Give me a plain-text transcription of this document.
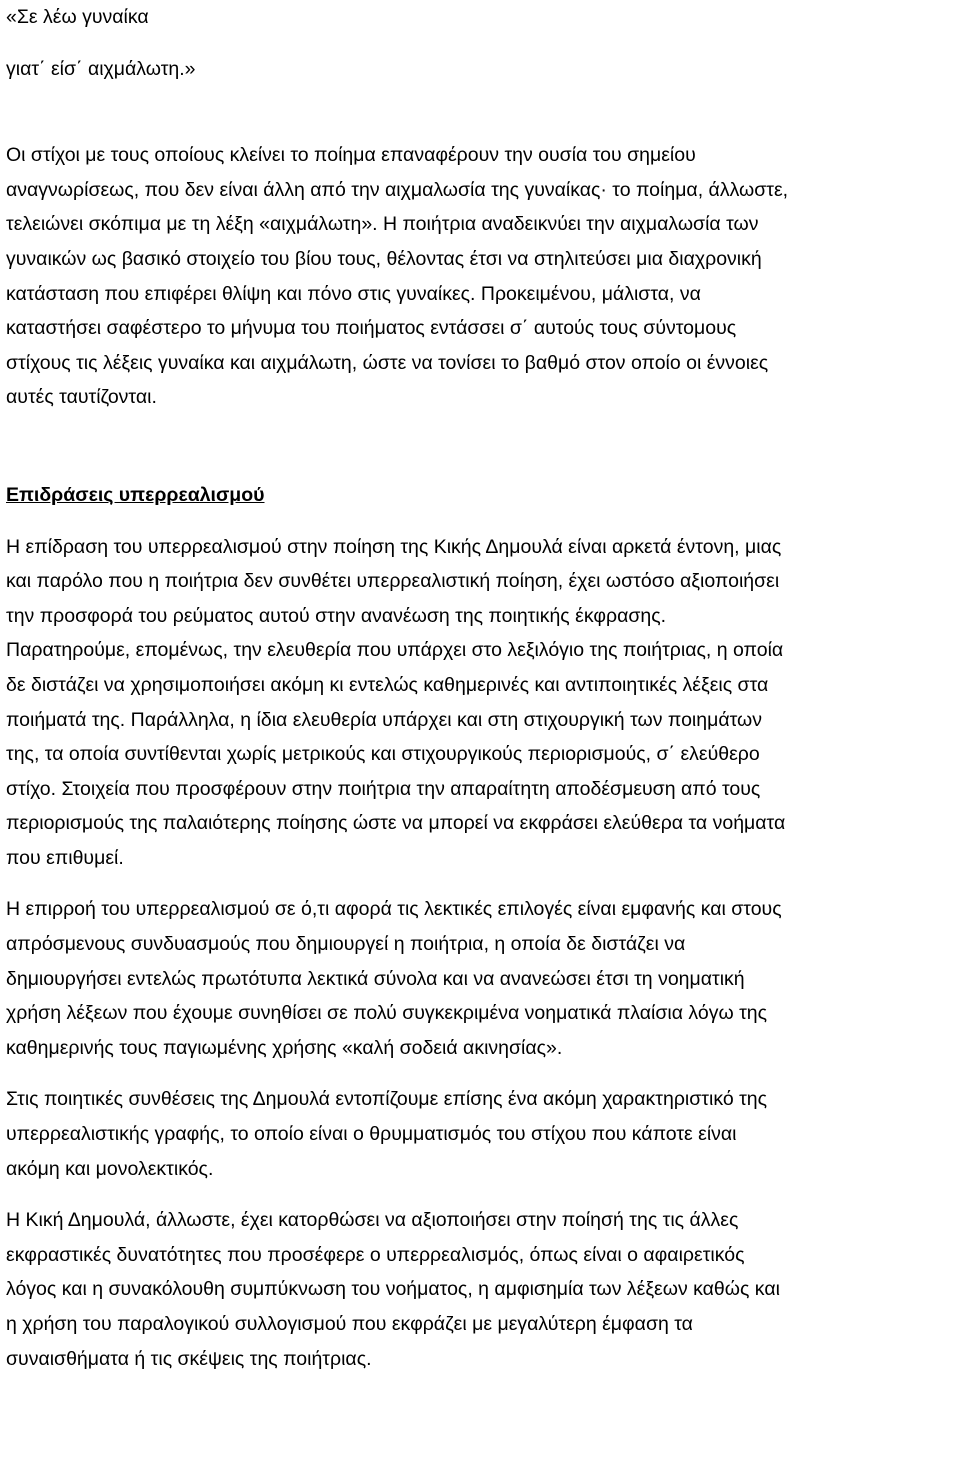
«Σε λέω γυναίκα

γιατ΄ είσ΄ αιχμάλωτη.»

Οι στίχοι με τους οποίους κλείνει το ποίημα επαναφέρουν την ουσία του σημείου

αναγνωρίσεως, που δεν είναι άλλη από την αιχμαλωσία της γυναίκας· το ποίημα, άλλωστε,

τελειώνει σκόπιμα με τη λέξη «αιχμάλωτη». Η ποιήτρια αναδεικνύει την αιχμαλωσία των

γυναικών ως βασικό στοιχείο του βίου τους, θέλοντας έτσι να στηλιτεύσει μια διαχρονική

κατάσταση που επιφέρει θλίψη και πόνο στις γυναίκες. Προκειμένου, μάλιστα, να

καταστήσει σαφέστερο το μήνυμα του ποιήματος εντάσσει σ΄ αυτούς τους σύντομους

στίχους τις λέξεις γυναίκα και αιχμάλωτη, ώστε να τονίσει το βαθμό στον οποίο οι έννοιες

αυτές ταυτίζονται.

Επιδράσεις υπερρεαλισμού

Η επίδραση του υπερρεαλισμού στην ποίηση της Κικής Δημουλά είναι αρκετά έντονη, μιας

και παρόλο που η ποιήτρια δεν συνθέτει υπερρεαλιστική ποίηση, έχει ωστόσο αξιοποιήσει

την προσφορά του ρεύματος αυτού στην ανανέωση της ποιητικής έκφρασης.

Παρατηρούμε, επομένως, την ελευθερία που υπάρχει στο λεξιλόγιο της ποιήτριας, η οποία

δε διστάζει να χρησιμοποιήσει ακόμη κι εντελώς καθημερινές και αντιποιητικές λέξεις στα

ποιήματά της. Παράλληλα, η ίδια ελευθερία υπάρχει και στη στιχουργική των ποιημάτων

της, τα οποία συντίθενται χωρίς μετρικούς και στιχουργικούς περιορισμούς, σ΄ ελεύθερο

στίχο. Στοιχεία που προσφέρουν στην ποιήτρια την απαραίτητη αποδέσμευση από τους

περιορισμούς της παλαιότερης ποίησης ώστε να μπορεί να εκφράσει ελεύθερα τα νοήματα

που επιθυμεί.

Η επιρροή του υπερρεαλισμού σε ό,τι αφορά τις λεκτικές επιλογές είναι εμφανής και στους

απρόσμενους συνδυασμούς που δημιουργεί η ποιήτρια, η οποία δε διστάζει να

δημιουργήσει εντελώς πρωτότυπα λεκτικά σύνολα και να ανανεώσει έτσι τη νοηματική

χρήση λέξεων που έχουμε συνηθίσει σε πολύ συγκεκριμένα νοηματικά πλαίσια λόγω της

καθημερινής τους παγιωμένης χρήσης «καλή σοδειά ακινησίας».

Στις ποιητικές συνθέσεις της Δημουλά εντοπίζουμε επίσης ένα ακόμη χαρακτηριστικό της

υπερρεαλιστικής γραφής, το οποίο είναι ο θρυμματισμός του στίχου που κάποτε είναι

ακόμη και μονολεκτικός.

Η Κική Δημουλά, άλλωστε, έχει κατορθώσει να αξιοποιήσει στην ποίησή της τις άλλες

εκφραστικές δυνατότητες που προσέφερε ο υπερρεαλισμός, όπως είναι ο αφαιρετικός

λόγος και η συνακόλουθη συμπύκνωση του νοήματος, η αμφισημία των λέξεων καθώς και

η χρήση του παραλογικού συλλογισμού που εκφράζει με μεγαλύτερη έμφαση τα

συναισθήματα ή τις σκέψεις της ποιήτριας.
